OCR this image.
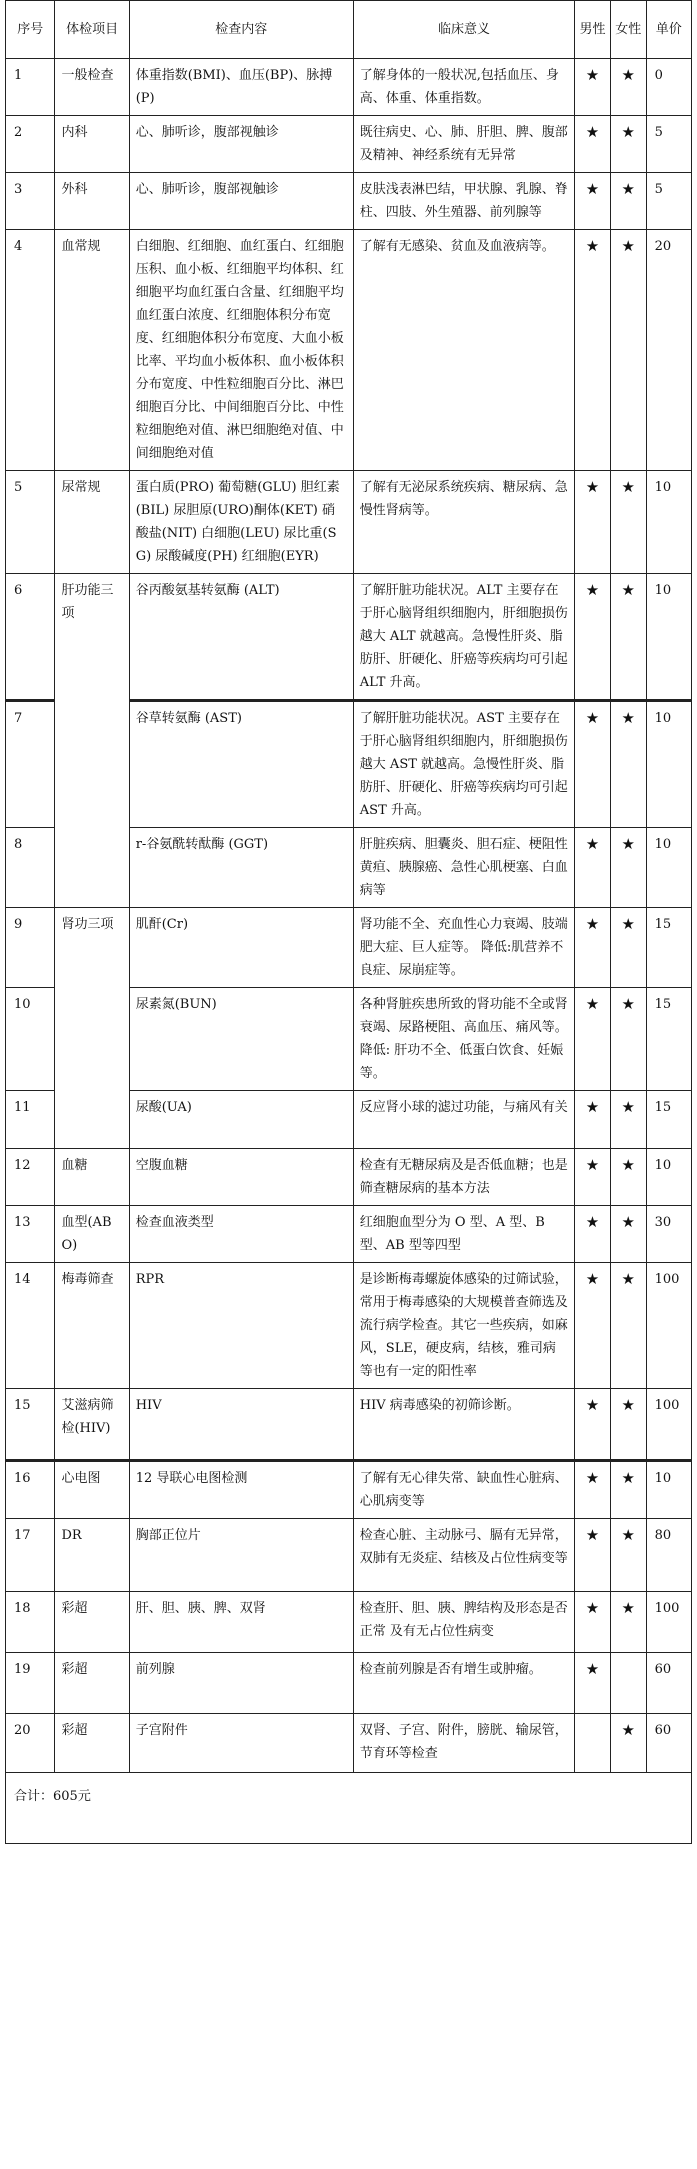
序号	体检项目	检查内容	临床意义	男性	女性	单价
1	一般检查	体重指数(BMI)、血压(BP)、脉搏(P)	了解身体的一般状况,包括血压、身高、体重、体重指数。	★	★	0
2	内科	心、肺听诊，腹部视触诊	既往病史、心、肺、肝胆、脾、腹部及精神、神经系统有无异常	★	★	5
3	外科	心、肺听诊，腹部视触诊	皮肤浅表淋巴结，甲状腺、乳腺、脊柱、四肢、外生殖器、前列腺等	★	★	5
4	血常规	白细胞、红细胞、血红蛋白、红细胞压积、血小板、红细胞平均体积、红细胞平均血红蛋白含量、红细胞平均血红蛋白浓度、红细胞体积分布宽度、红细胞体积分布宽度、大血小板比率、平均血小板体积、血小板体积分布宽度、中性粒细胞百分比、淋巴细胞百分比、中间细胞百分比、中性粒细胞绝对值、淋巴细胞绝对值、中间细胞绝对值	了解有无感染、贫血及血液病等。	★	★	20
5	尿常规	蛋白质(PRO) 葡萄糖(GLU) 胆红素(BIL) 尿胆原(URO)酮体(KET) 硝酸盐(NIT) 白细胞(LEU) 尿比重(SG) 尿酸碱度(PH) 红细胞(EYR)	了解有无泌尿系统疾病、糖尿病、急慢性肾病等。	★	★	10
6	肝功能三项	谷丙酸氨基转氨酶 (ALT)	了解肝脏功能状况。ALT 主要存在于肝心脑肾组织细胞内，肝细胞损伤越大 ALT 就越高。急慢性肝炎、脂肪肝、肝硬化、肝癌等疾病均可引起 ALT 升高。	★	★	10
7		谷草转氨酶 (AST)	了解肝脏功能状况。AST 主要存在于肝心脑肾组织细胞内，肝细胞损伤越大 AST 就越高。急慢性肝炎、脂肪肝、肝硬化、肝癌等疾病均可引起 AST 升高。	★	★	10
8		r-谷氨酰转酞酶 (GGT)	肝脏疾病、胆囊炎、胆石症、梗阻性黄疸、胰腺癌、急性心肌梗塞、白血病等	★	★	10
9	肾功三项	肌酐(Cr)	肾功能不全、充血性心力衰竭、肢端肥大症、巨人症等。 降低:肌营养不良症、尿崩症等。	★	★	15
10		尿素氮(BUN)	各种肾脏疾患所致的肾功能不全或肾衰竭、尿路梗阻、高血压、痛风等。 降低: 肝功不全、低蛋白饮食、妊娠等。	★	★	15
11		尿酸(UA)	反应肾小球的滤过功能，与痛风有关	★	★	15
12	血糖	空腹血糖	检查有无糖尿病及是否低血糖；也是筛查糖尿病的基本方法	★	★	10
13	血型(ABO)	检查血液类型	红细胞血型分为 O 型、A 型、B 型、AB 型等四型	★	★	30
14	梅毒筛查	RPR	是诊断梅毒螺旋体感染的过筛试验，常用于梅毒感染的大规模普查筛选及流行病学检查。其它一些疾病，如麻风，SLE，硬皮病，结核，雅司病等也有一定的阳性率	★	★	100
15	艾滋病筛检(HIV)	HIV	HIV 病毒感染的初筛诊断。	★	★	100
16	心电图	12 导联心电图检测	了解有无心律失常、缺血性心脏病、心肌病变等	★	★	10
17	DR	胸部正位片	检查心脏、主动脉弓、膈有无异常，双肺有无炎症、结核及占位性病变等	★	★	80
18	彩超	肝、胆、胰、脾、双肾	检查肝、胆、胰、脾结构及形态是否正常 及有无占位性病变	★	★	100
19	彩超	前列腺	检查前列腺是否有增生或肿瘤。	★		60
20	彩超	子宫附件	双肾、子宫、附件，膀胱、输尿管，节育环等检查		★	60
合计：605元						
